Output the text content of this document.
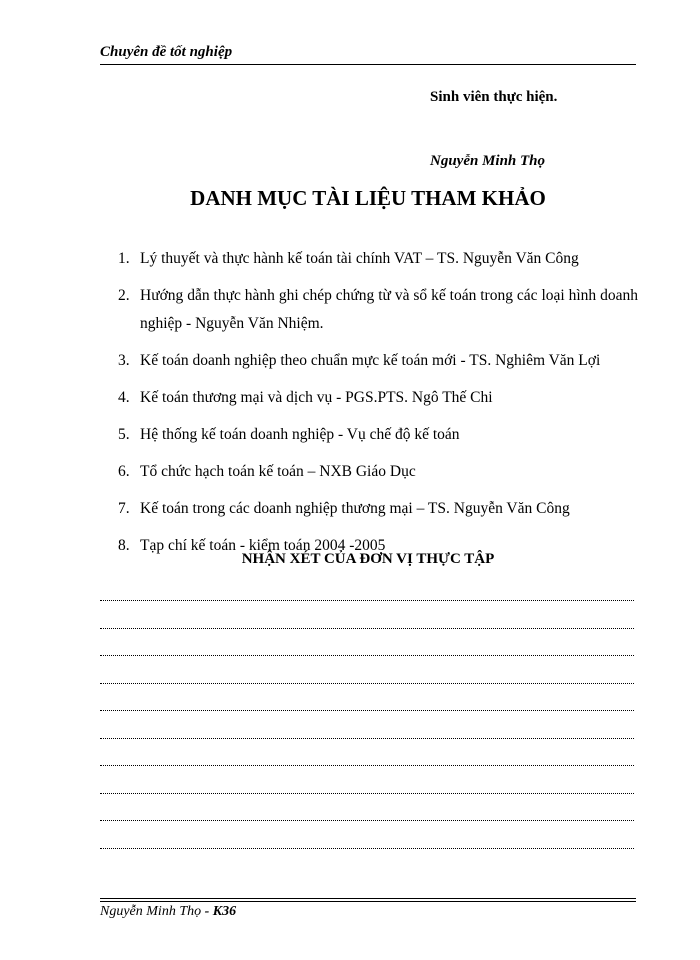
Chuyên đề tốt nghiệp
Sinh viên thực hiện.
Nguyễn Minh Thọ
DANH MỤC TÀI LIỆU THAM KHẢO
1. Lý thuyết và thực hành kế toán tài chính VAT – TS. Nguyễn Văn Công
2. Hướng dẫn thực hành ghi chép chứng từ và sổ kế toán trong các loại hình doanh nghiệp - Nguyễn Văn Nhiệm.
3. Kế toán doanh nghiệp theo chuẩn mực kế toán mới - TS. Nghiêm Văn Lợi
4. Kế toán thương mại và dịch vụ - PGS.PTS. Ngô Thế Chi
5. Hệ thống kế toán doanh nghiệp - Vụ chế độ kế toán
6. Tổ chức hạch toán kế toán – NXB Giáo Dục
7. Kế toán trong các doanh nghiệp thương mại – TS. Nguyễn Văn Công
8. Tạp chí kế toán - kiểm toán 2004 -2005
NHẬN XÉT CỦA ĐƠN VỊ THỰC TẬP
Nguyễn Minh Thọ - K36
